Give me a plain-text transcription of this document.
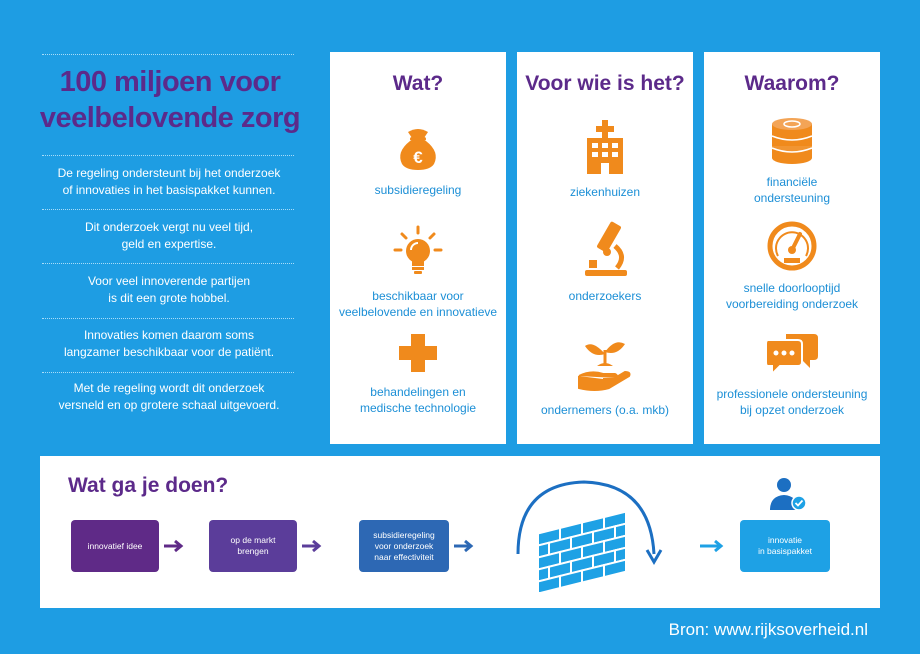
100 miljoen voor
veelbelovende zorg
De regeling ondersteunt bij het onderzoek
of innovaties in het basispakket kunnen.
Dit onderzoek vergt nu veel tijd,
geld en expertise.
Voor veel innoverende partijen
is dit een grote hobbel.
Innovaties komen daarom soms
langzamer beschikbaar voor de patiënt.
Met de regeling wordt dit onderzoek
versneld en op grotere schaal uitgevoerd.
Wat?
€
subsidieregeling
beschikbaar voor
veelbelovende en innovatieve
behandelingen en
medische technologie
Voor wie is het?
ziekenhuizen
onderzoekers
ondernemers (o.a. mkb)
Waarom?
financiële
ondersteuning
snelle doorlooptijd
voorbereiding onderzoek
professionele ondersteuning
bij opzet onderzoek
Wat ga je doen?
innovatief idee
op de markt
brengen
subsidieregeling
voor onderzoek
naar effectiviteit
innovatie
in basispakket
Bron: www.rijksoverheid.nl
